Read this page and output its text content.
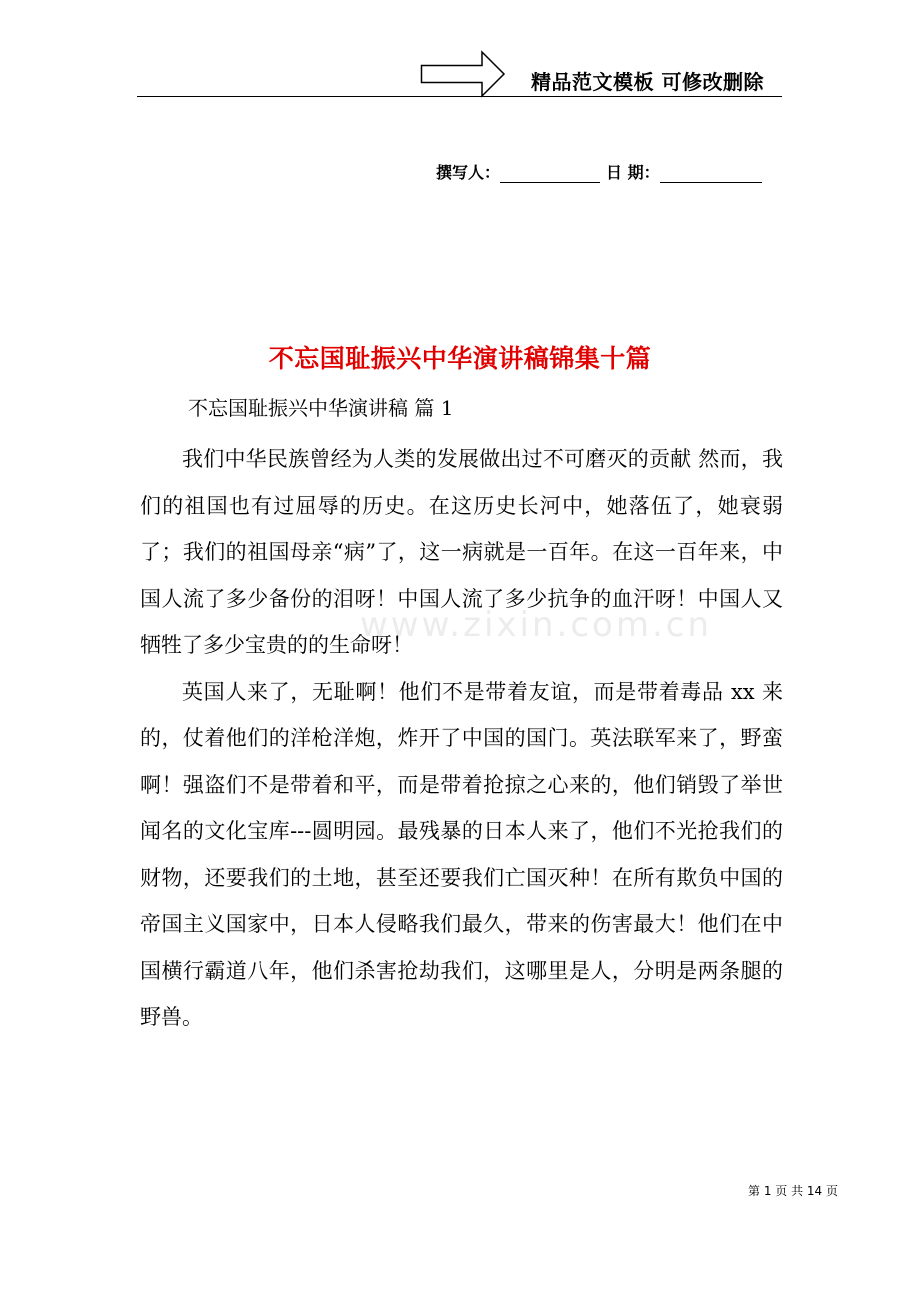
精品范文模板 可修改删除
撰写人：	日 期：
不忘国耻振兴中华演讲稿锦集十篇
不忘国耻振兴中华演讲稿 篇 1
www.zixin.com.cn

我们中华民族曾经为人类的发展做出过不可磨灭的贡献 然而，我们的祖国也有过屈辱的历史。在这历史长河中，她落伍了，她衰弱了；我们的祖国母亲“病”了，这一病就是一百年。在这一百年来，中国人流了多少备份的泪呀！中国人流了多少抗争的血汗呀！中国人又牺牲了多少宝贵的的生命呀！

英国人来了，无耻啊！他们不是带着友谊，而是带着毒品 xx 来的，仗着他们的洋枪洋炮，炸开了中国的国门。英法联军来了，野蛮啊！强盗们不是带着和平，而是带着抢掠之心来的，他们销毁了举世闻名的文化宝库---圆明园。最残暴的日本人来了，他们不光抢我们的财物，还要我们的土地，甚至还要我们亡国灭种！在所有欺负中国的帝国主义国家中，日本人侵略我们最久，带来的伤害最大！他们在中国横行霸道八年，他们杀害抢劫我们，这哪里是人，分明是两条腿的野兽。

第 1 页 共 14 页
